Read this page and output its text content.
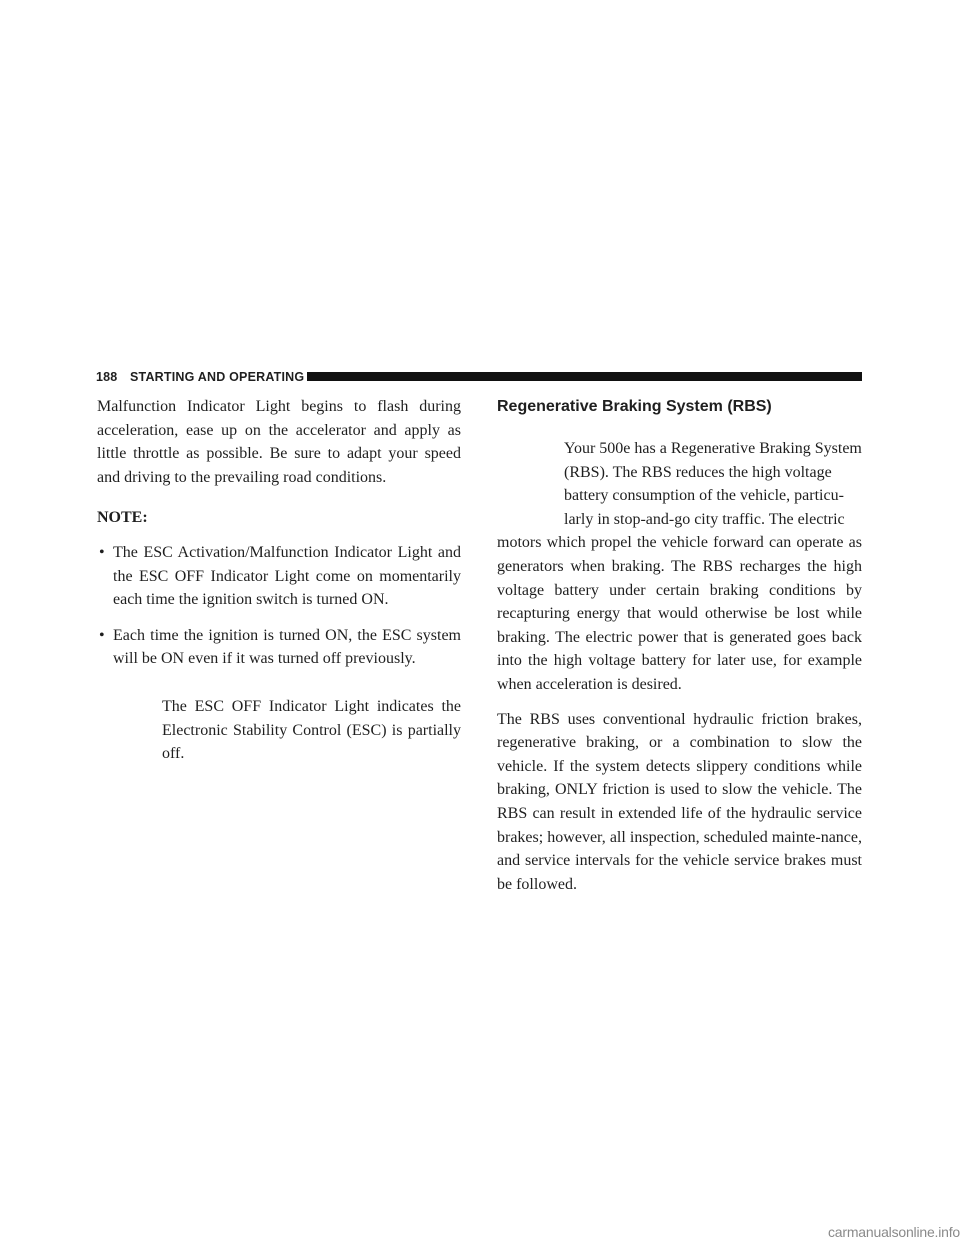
188 STARTING AND OPERATING

Malfunction Indicator Light begins to flash during acceleration, ease up on the accelerator and apply as little throttle as possible. Be sure to adapt your speed and driving to the prevailing road conditions.

NOTE:

• The ESC Activation/Malfunction Indicator Light and the ESC OFF Indicator Light come on momentarily each time the ignition switch is turned ON.
• Each time the ignition is turned ON, the ESC system will be ON even if it was turned off previously.

The ESC OFF Indicator Light indicates the Electronic Stability Control (ESC) is partially off.

Regenerative Braking System (RBS)

Your 500e has a Regenerative Braking System

(RBS). The RBS reduces the high voltage

battery consumption of the vehicle, particu-

larly in stop-and-go city traffic. The electric

motors which propel the vehicle forward can operate as generators when braking. The RBS recharges the high voltage battery under certain braking conditions by recapturing energy that would otherwise be lost while braking. The electric power that is generated goes back into the high voltage battery for later use, for example when acceleration is desired.

The RBS uses conventional hydraulic friction brakes, regenerative braking, or a combination to slow the vehicle. If the system detects slippery conditions while braking, ONLY friction is used to slow the vehicle. The RBS can result in extended life of the hydraulic service brakes; however, all inspection, scheduled mainte-nance, and service intervals for the vehicle service brakes must be followed.

carmanualsonline.info
